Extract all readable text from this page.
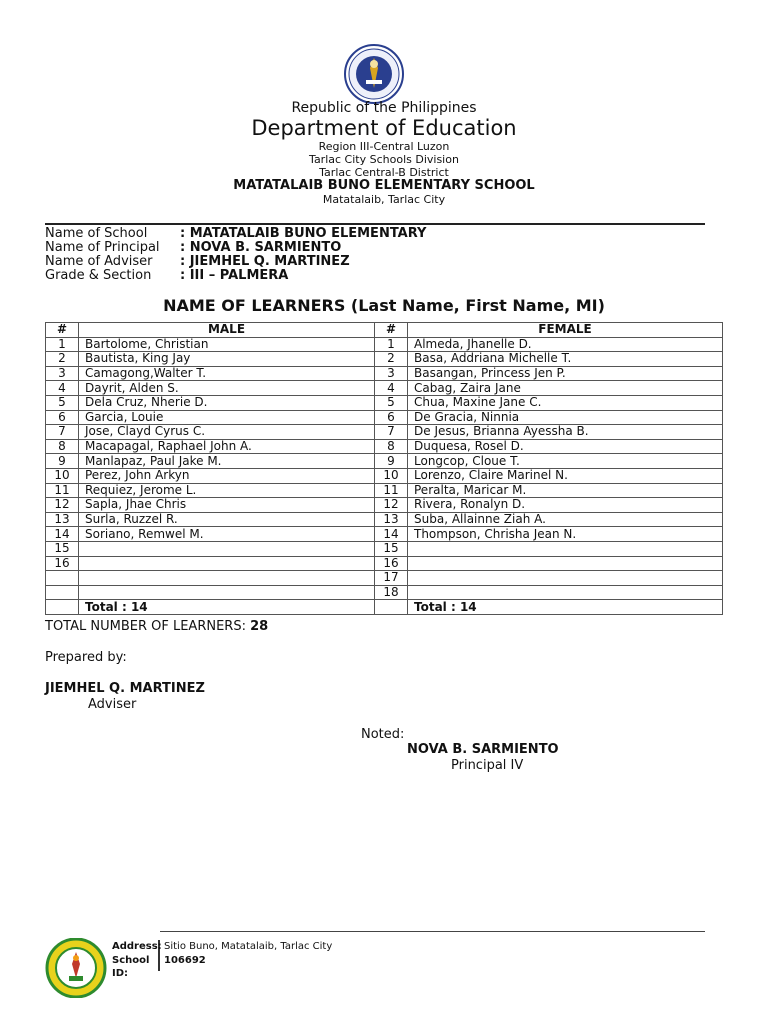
Republic of the Philippines
Department of Education
Region III-Central Luzon
Tarlac City Schools Division
Tarlac Central-B District
MATATALAIB BUNO ELEMENTARY SCHOOL
Matatalaib, Tarlac City
Name of School	: MATATALAIB BUNO ELEMENTARY
Name of Principal : NOVA B. SARMIENTO
Name of Adviser : JIEMHEL Q. MARTINEZ
Grade & Section : III – PALMERA
NAME OF LEARNERS (Last Name, First Name, MI)
#	MALE	#	FEMALE
1	Bartolome, Christian	1	Almeda, Jhanelle D.
2	Bautista, King Jay	2	Basa, Addriana Michelle T.
3	Camagong,Walter T.	3	Basangan, Princess Jen P.
4	Dayrit, Alden S.	4	Cabag, Zaira Jane
5	Dela Cruz, Nherie D.	5	Chua, Maxine Jane C.
6	Garcia, Louie	6	De Gracia, Ninnia
7	Jose, Clayd Cyrus C.	7	De Jesus, Brianna Ayessha B.
8	Macapagal, Raphael John A.	8	Duquesa, Rosel D.
9	Manlapaz, Paul Jake M.	9	Longcop, Cloue T.
10	Perez, John Arkyn	10	Lorenzo, Claire Marinel N.
11	Requiez, Jerome L.	11	Peralta, Maricar M.
12	Sapla, Jhae Chris	12	Rivera, Ronalyn D.
13	Surla, Ruzzel R.	13	Suba, Allainne Ziah A.
14	Soriano, Remwel M.	14	Thompson, Chrisha Jean N.
15		15	
16		16	
		17	
		18	
	Total : 14		Total : 14
TOTAL NUMBER OF LEARNERS: 28
Prepared by:
JIEMHEL Q. MARTINEZ
Adviser
Noted:
NOVA B. SARMIENTO
Principal IV
Address: Sitio Buno, Matatalaib, Tarlac City
School ID:
106692
